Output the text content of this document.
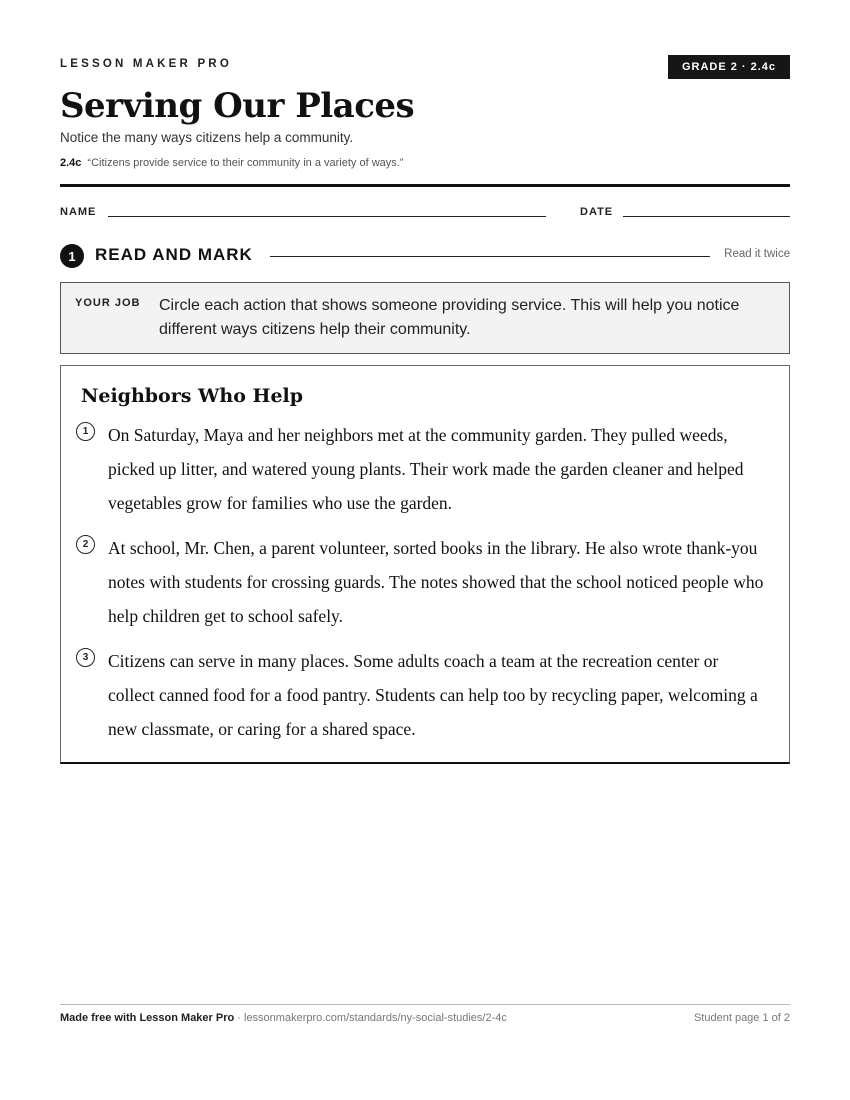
LESSON MAKER PRO	GRADE 2 · 2.4c
Serving Our Places
Notice the many ways citizens help a community.
2.4c “Citizens provide service to their community in a variety of ways.”
NAME	DATE
1	READ AND MARK	Read it twice
YOUR JOB Circle each action that shows someone providing service. This will help you notice different ways citizens help their community.
Neighbors Who Help
1	On Saturday, Maya and her neighbors met at the community garden. They pulled weeds, picked up litter, and watered young plants. Their work made the garden cleaner and helped vegetables grow for families who use the garden.

2	At school, Mr. Chen, a parent volunteer, sorted books in the library. He also wrote thank-you notes with students for crossing guards. The notes showed that the school noticed people who help children get to school safely.

3	Citizens can serve in many places. Some adults coach a team at the recreation center or collect canned food for a food pantry. Students can help too by recycling paper, welcoming a new classmate, or caring for a shared space.

Made free with Lesson Maker Pro · lessonmakerpro.com/standards/ny-social-studies/2-4c	Student page 1 of 2
